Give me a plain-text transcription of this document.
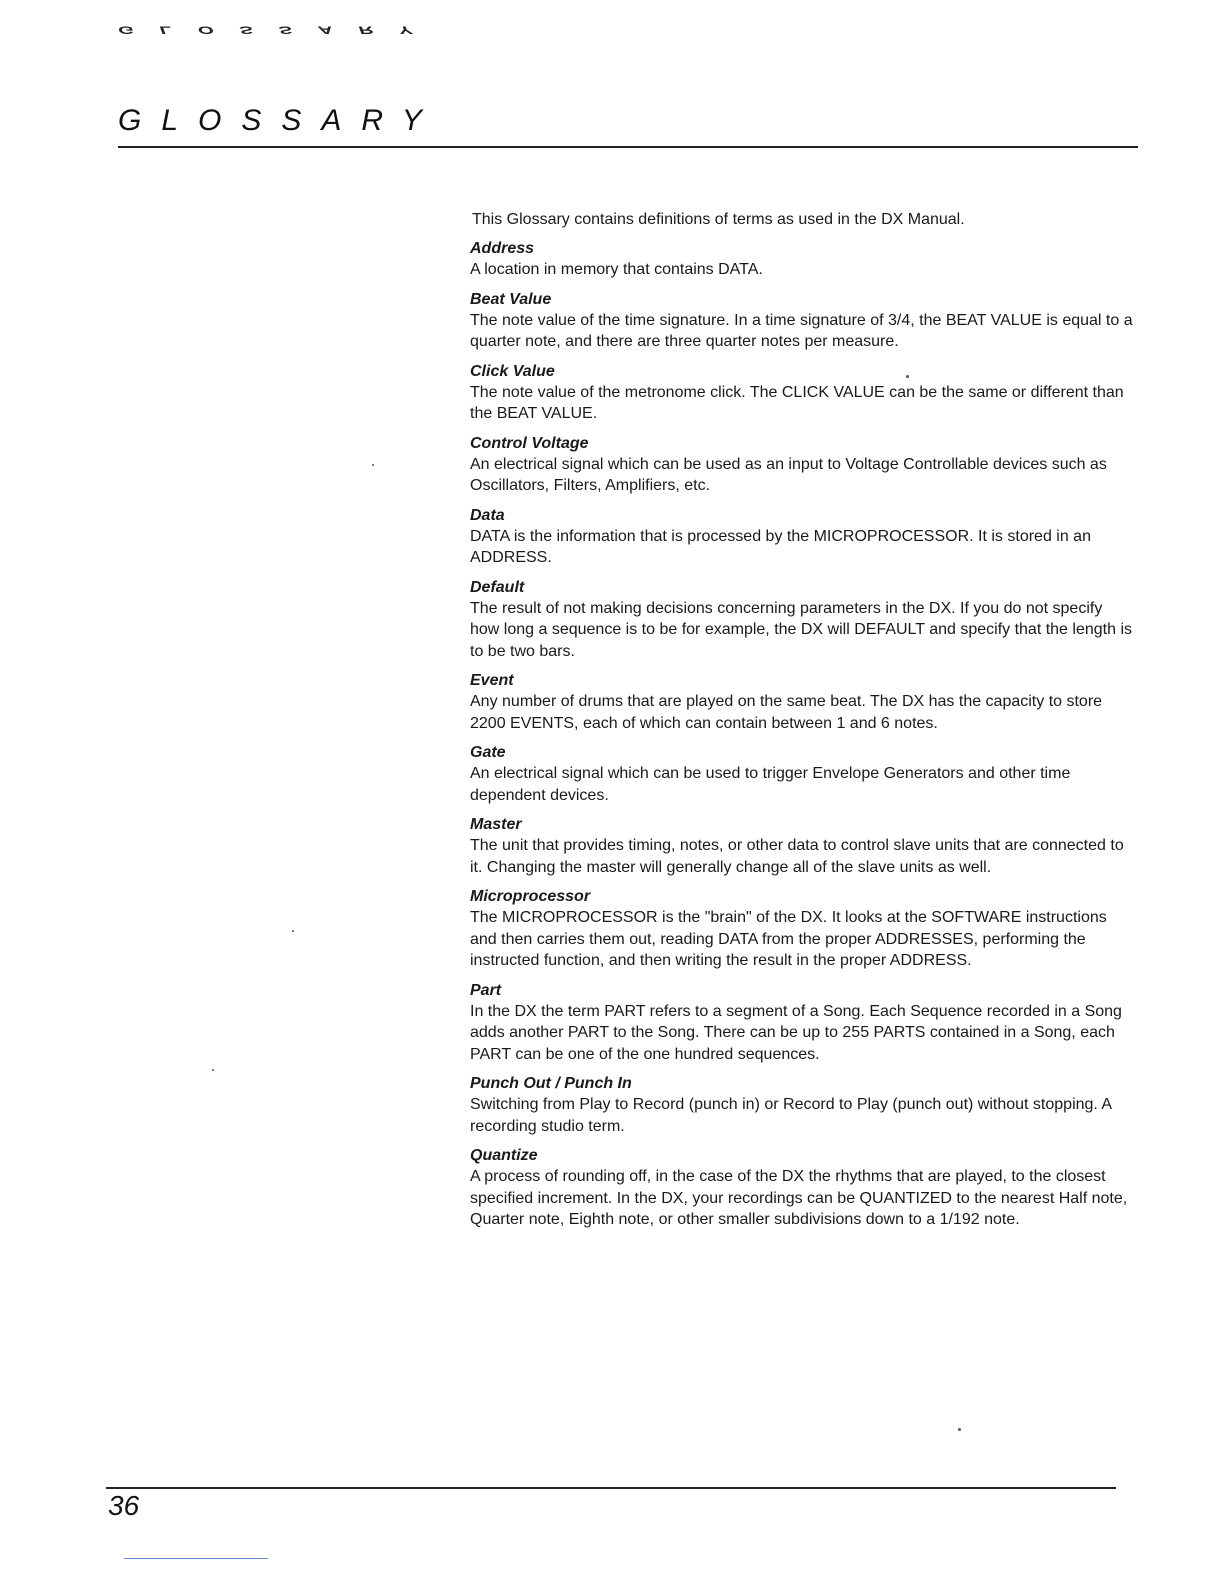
GLOSSARY
GLOSSARY

This Glossary contains definitions of terms as used in the DX Manual.

Address

A location in memory that contains DATA.

Beat Value

The note value of the time signature. In a time signature of 3/4, the BEAT VALUE is equal to a quarter note, and there are three quarter notes per measure.

Click Value

The note value of the metronome click. The CLICK VALUE can be the same or different than the BEAT VALUE.

Control Voltage

An electrical signal which can be used as an input to Voltage Controllable devices such as Oscillators, Filters, Amplifiers, etc.

Data

DATA is the information that is processed by the MICROPROCESSOR. It is stored in an ADDRESS.

Default

The result of not making decisions concerning parameters in the DX. If you do not specify how long a sequence is to be for example, the DX will DEFAULT and specify that the length is to be two bars.

Event

Any number of drums that are played on the same beat. The DX has the capacity to store 2200 EVENTS, each of which can contain between 1 and 6 notes.

Gate

An electrical signal which can be used to trigger Envelope Generators and other time dependent devices.

Master

The unit that provides timing, notes, or other data to control slave units that are connected to it. Changing the master will generally change all of the slave units as well.

Microprocessor

The MICROPROCESSOR is the "brain" of the DX. It looks at the SOFTWARE instructions and then carries them out, reading DATA from the proper ADDRESSES, performing the instructed function, and then writing the result in the proper ADDRESS.

Part

In the DX the term PART refers to a segment of a Song. Each Sequence recorded in a Song adds another PART to the Song. There can be up to 255 PARTS contained in a Song, each PART can be one of the one hundred sequences.

Punch Out / Punch In

Switching from Play to Record (punch in) or Record to Play (punch out) without stopping. A recording studio term.

Quantize

A process of rounding off, in the case of the DX the rhythms that are played, to the closest specified increment. In the DX, your recordings can be QUANTIZED to the nearest Half note, Quarter note, Eighth note, or other smaller subdivisions down to a 1/192 note.

36
